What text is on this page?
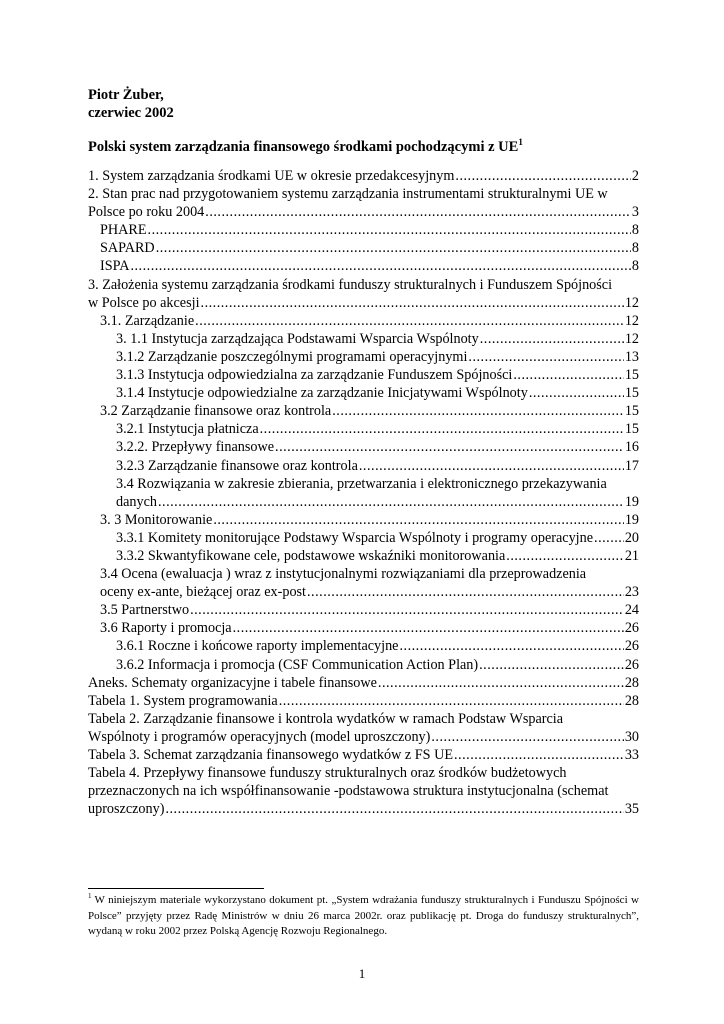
Piotr Żuber,
czerwiec 2002
Polski system zarządzania finansowego środkami pochodzącymi z $UE^1$
1. System zarządzania środkami UE w okresie przedakcesyjnym .....	2
2. Stan prac nad przygotowaniem systemu zarządzania instrumentami strukturalnymi UE w
Polsce po roku 2004 .....	3
PHARE .....	8
SAPARD .....	8
ISPA .....	8
3. Założenia systemu zarządzania środkami funduszy strukturalnych i Funduszem Spójności
w Polsce po akcesji .....	12
3.1. Zarządzanie .....	12
3. 1.1 Instytucja zarządzająca Podstawami Wsparcia Wspólnoty .....	12
3.1.2 Zarządzanie poszczególnymi programami operacyjnymi .....	13
3.1.3 Instytucja odpowiedzialna za zarządzanie Funduszem Spójności .....	15
3.1.4 Instytucje odpowiedzialne za zarządzanie Inicjatywami Wspólnoty .....	15
3.2 Zarządzanie finansowe oraz kontrola .....	15
3.2.1 Instytucja płatnicza .....	15
3.2.2. Przepływy finansowe .....	16
3.2.3 Zarządzanie finansowe oraz kontrola .....	17
3.4 Rozwiązania w zakresie zbierania, przetwarzania i elektronicznego przekazywania
danych .....	19
3. 3 Monitorowanie .....	19
3.3.1 Komitety monitorujące Podstawy Wsparcia Wspólnoty i programy operacyjne ..... 20
3.3.2 Skwantyfikowane cele, podstawowe wskaźniki monitorowania .....	21
3.4 Ocena (ewaluacja ) wraz z instytucjonalnymi rozwiązaniami dla przeprowadzenia
oceny ex-ante, bieżącej oraz ex-post .....	23
3.5 Partnerstwo .....	24
3.6 Raporty i promocja .....	26
3.6.1 Roczne i końcowe raporty implementacyjne .....	26
3.6.2 Informacja i promocja (CSF Communication Action Plan) .....	26
Aneks. Schematy organizacyjne i tabele finansowe .....	28
Tabela 1. System programowania .....	28
Tabela 2. Zarządzanie finansowe i kontrola wydatków w ramach Podstaw Wsparcia
Wspólnoty i programów operacyjnych (model uproszczony) .....	30
Tabela 3. Schemat zarządzania finansowego wydatków z FS UE .....	33
Tabela 4. Przepływy finansowe funduszy strukturalnych oraz środków budżetowych
przeznaczonych na ich współfinansowanie -podstawowa struktura instytucjonalna (schemat
uproszczony) .....	35
$^1$ W niniejszym materiale wykorzystano dokument pt. „System wdrażania funduszy strukturalnych i Funduszu Spójności w Polsce” przyjęty przez Radę Ministrów w dniu 26 marca 2002r. oraz publikację pt. Droga do funduszy strukturalnych”, wydaną w roku 2002 przez Polską Agencję Rozwoju Regionalnego.
1
